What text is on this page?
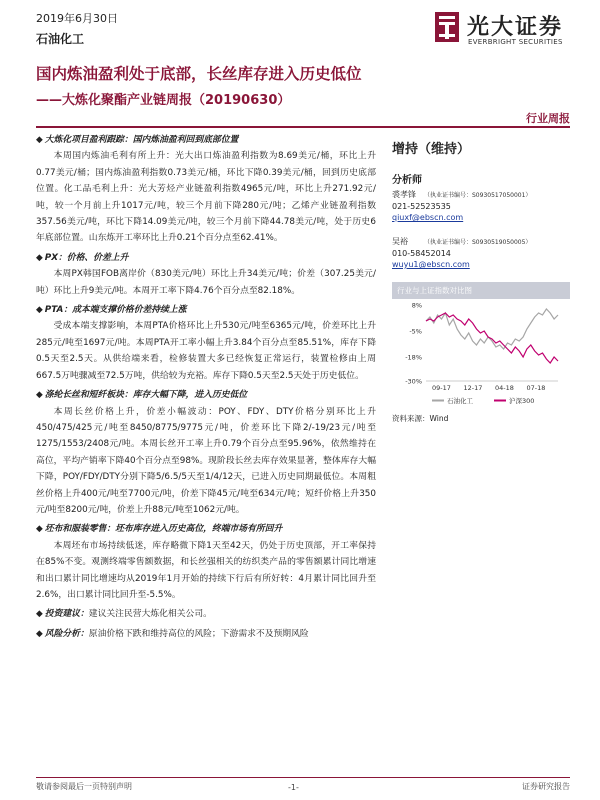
2019年6月30日
石油化工	光大证券
EVERBRIGHT SECURITIES
国内炼油盈利处于底部，长丝库存进入历史低位
——大炼化聚酯产业链周报（20190630）
行业周报
◆ 大炼化项目盈利跟踪：国内炼油盈利回到底部位置
本周国内炼油毛利有所上升：光大出口炼油盈利指数为8.69美元/桶，环比上升0.77美元/桶；国内炼油盈利指数0.73美元/桶，环比下降0.39美元/桶，回到历史底部位置。化工品毛利上升：光大芳烃产业链盈利指数4965元/吨，环比上升271.92元/吨，较一个月前上升1017元/吨，较三个月前下降280元/吨；乙烯产业链盈利指数357.56美元/吨，环比下降14.09美元/吨，较三个月前下降44.78美元/吨，处于历史6年底部位置。山东炼开工率环比上升0.21个百分点至62.41%。
◆ PX：价格、价差上升
本周PX韩国FOB离岸价（830美元/吨）环比上升34美元/吨；价差（307.25美元/吨）环比上升9美元/吨。本周开工率下降4.76个百分点至82.18%。
◆ PTA：成本端支撑价格价差持续上涨
受成本端支撑影响，本周PTA价格环比上升530元/吨至6365元/吨，价差环比上升285元/吨至1697元/吨。本周PTA开工率小幅上升3.84个百分点至85.51%，库存下降0.5天至2.5天。从供给端来看，检修装置大多已经恢复正常运行，装置检修由上周667.5万吨骤减至72.5万吨，供给较为充裕。库存下降0.5天至2.5天处于历史低位。
◆ 涤纶长丝和短纤板块：库存大幅下降，进入历史低位
本周长丝价格上升，价差小幅波动：POY、FDY、DTY价格分别环比上升450/475/425元/吨至8450/8775/9775元/吨，价差环比下降2/-19/23元/吨至1275/1553/2408元/吨。本周长丝开工率上升0.79个百分点至95.96%，依然维持在高位，平均产销率下降40个百分点至98%。现阶段长丝去库存效果显著，整体库存大幅下降，POY/FDY/DTY分别下降5/6.5/5天至1/4/12天，已进入历史同期最低位。本周粗丝价格上升400元/吨至7700元/吨，价差下降45元/吨至634元/吨；短纤价格上升350元/吨至8200元/吨，价差上升88元/吨至1062元/吨。
◆ 坯布和服装零售：坯布库存进入历史高位，终端市场有所回升
本周坯布市场持续低迷，库存略微下降1天至42天，仍处于历史顶部，开工率保持在85%不变。观测终端零售额数据，和长丝强相关的纺织类产品的零售额累计同比增速和出口累计同比增速均从2019年1月开始的持续下行后有所好转：4月累计同比回升至2.6%，出口累计同比回升至-5.5%。
◆ 投资建议：建议关注民营大炼化相关公司。
◆ 风险分析：原油价格下跌和维持高位的风险；下游需求不及预期风险
增持（维持）
分析师
裘孝锋 （执业证书编号：S0930517050001）
021-52523535
qiuxf@ebscn.com
吴裕	（执业证书编号：S0930519050005）
010-58452014
wuyu1@ebscn.com
行业与上证指数对比图
8%
-5%
-18%
-30%
09-17 12-17 04-18 07-18
石油化工	沪深300
资料来源：Wind
敬请参阅最后一页特别声明	-1-	证券研究报告
